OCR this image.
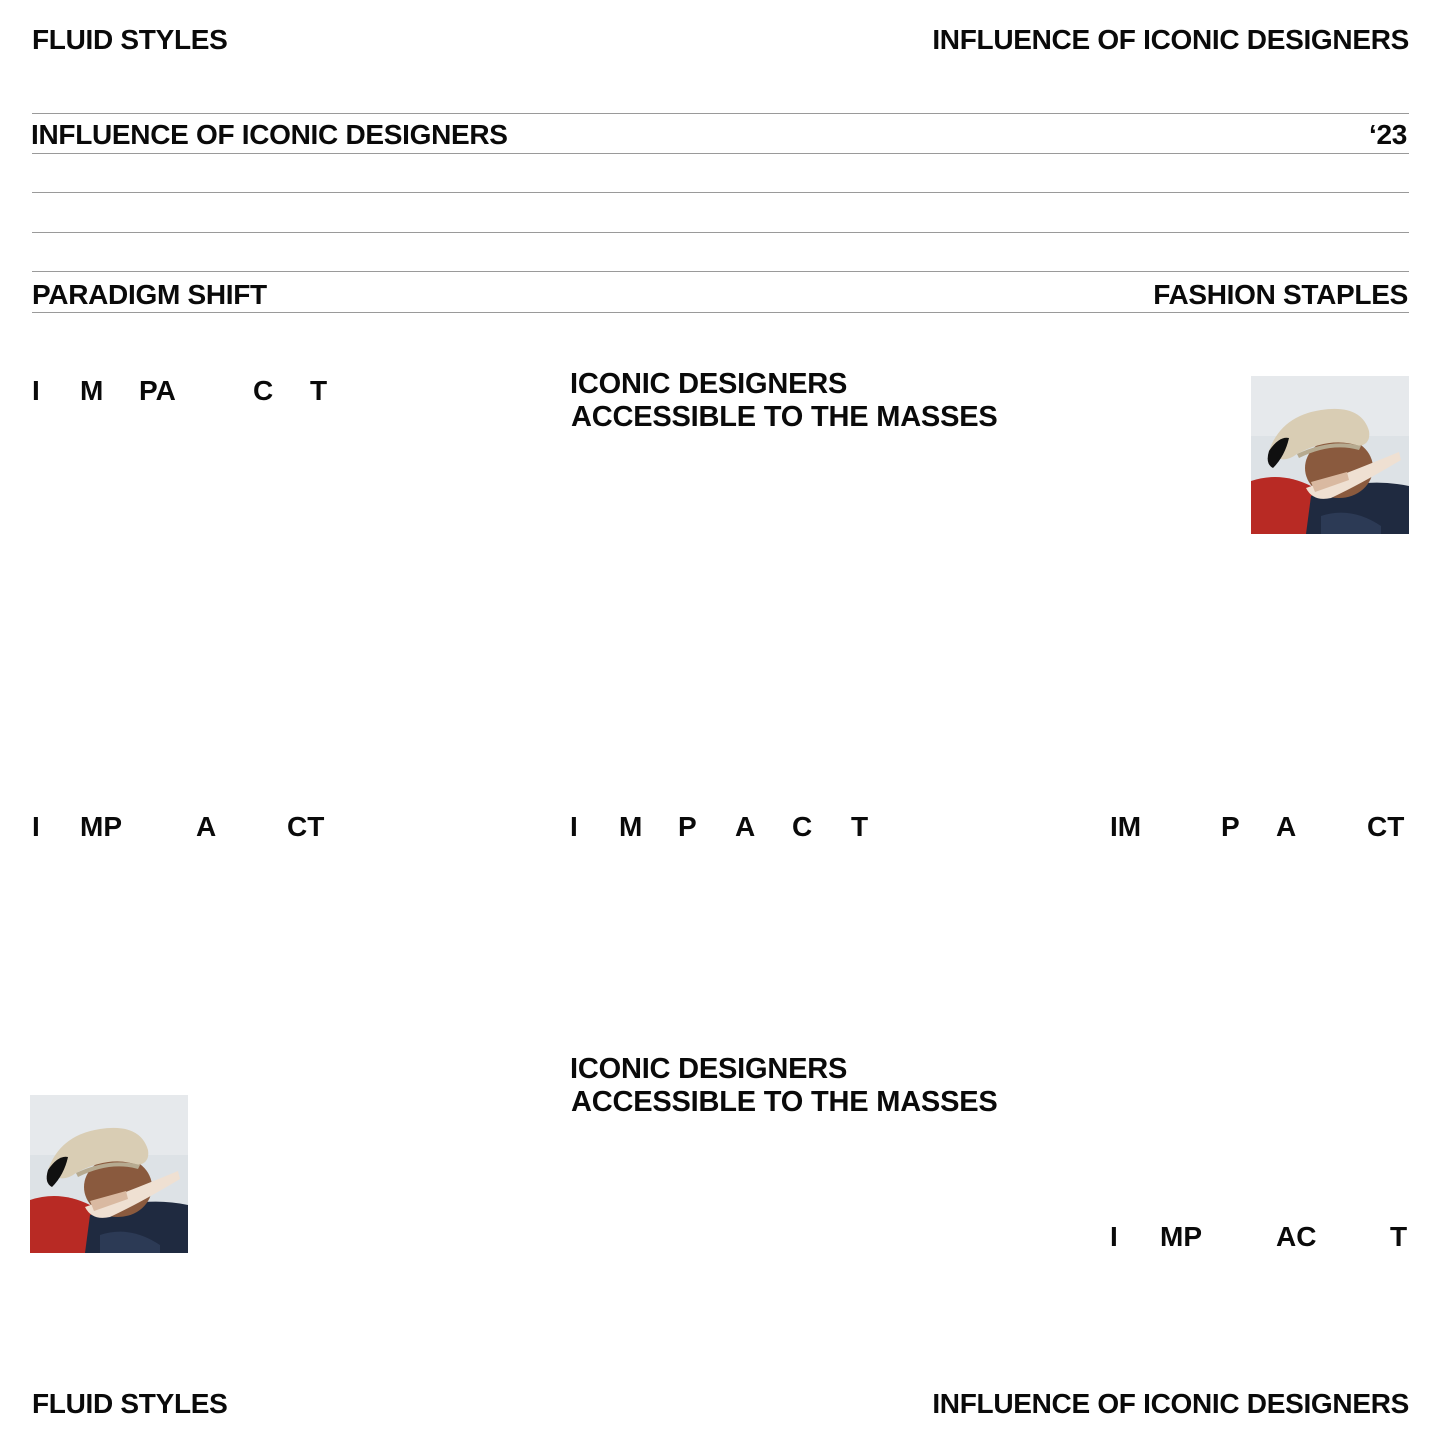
FLUID STYLES	INFLUENCE OF ICONIC DESIGNERS
INFLUENCE OF ICONIC DESIGNERS	‘23
PARADIGM SHIFT	FASHION STAPLES
I M PA	C T	ICONIC DESIGNERS
ACCESSIBLE TO THE MASSES
I MP	A	CT	I M P A C T	IM	P A	CT
ICONIC DESIGNERS
ACCESSIBLE TO THE MASSES
I MP	AC	T
FLUID STYLES	INFLUENCE OF ICONIC DESIGNERS
